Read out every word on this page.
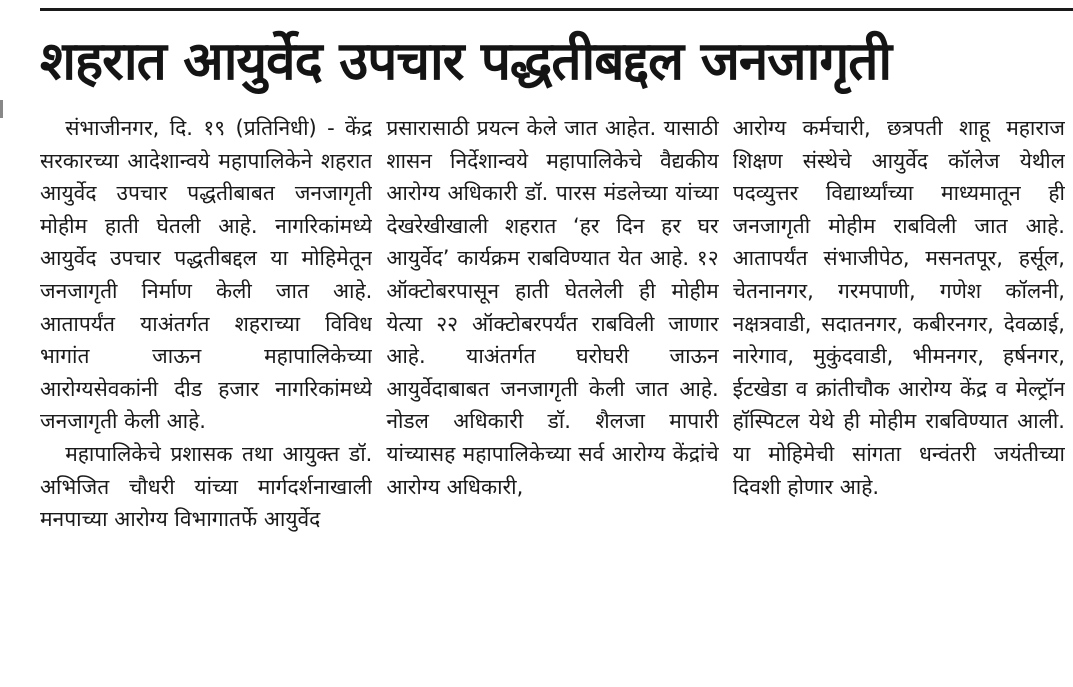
शहरात आयुर्वेद उपचार पद्धतीबद्दल जनजागृती

संभाजीनगर, दि. १९ (प्रतिनिधी) - केंद्र सरकारच्या आदेशान्वये महापालिकेने शहरात आयुर्वेद उपचार पद्धतीबाबत जनजागृती मोहीम हाती घेतली आहे. नागरिकांमध्ये आयुर्वेद उपचार पद्धतीबद्दल या मोहिमेतून जनजागृती निर्माण केली जात आहे. आतापर्यंत याअंतर्गत शहराच्या विविध भागांत जाऊन महापालिकेच्या आरोग्यसेवकांनी दीड हजार नागरिकांमध्ये जनजागृती केली आहे.

महापालिकेचे प्रशासक तथा आयुक्त डॉ. अभिजित चौधरी यांच्या मार्गदर्शनाखाली मनपाच्या आरोग्य विभागातर्फे आयुर्वेद

प्रसारासाठी प्रयत्न केले जात आहेत. यासाठी शासन निर्देशान्वये महापालिकेचे वैद्यकीय आरोग्य अधिकारी डॉ. पारस मंडलेच्या यांच्या देखरेखीखाली शहरात ‘हर दिन हर घर आयुर्वेद’ कार्यक्रम राबविण्यात येत आहे. १२ ऑक्टोबरपासून हाती घेतलेली ही मोहीम येत्या २२ ऑक्टोबरपर्यंत राबविली जाणार आहे. याअंतर्गत घरोघरी जाऊन आयुर्वेदाबाबत जनजागृती केली जात आहे. नोडल अधिकारी डॉ. शैलजा मापारी यांच्यासह महापालिकेच्या सर्व आरोग्य केंद्रांचे आरोग्य अधिकारी,

आरोग्य कर्मचारी, छत्रपती शाहू महाराज शिक्षण संस्थेचे आयुर्वेद कॉलेज येथील पदव्युत्तर विद्यार्थ्यांच्या माध्यमातून ही जनजागृती मोहीम राबविली जात आहे. आतापर्यंत संभाजीपेठ, मसनतपूर, हर्सूल, चेतनानगर, गरमपाणी, गणेश कॉलनी, नक्षत्रवाडी, सदातनगर, कबीरनगर, देवळाई, नारेगाव, मुकुंदवाडी, भीमनगर, हर्षनगर, ईटखेडा व क्रांतीचौक आरोग्य केंद्र व मेल्ट्रॉन हॉस्पिटल येथे ही मोहीम राबविण्यात आली. या मोहिमेची सांगता धन्वंतरी जयंतीच्या दिवशी होणार आहे.
